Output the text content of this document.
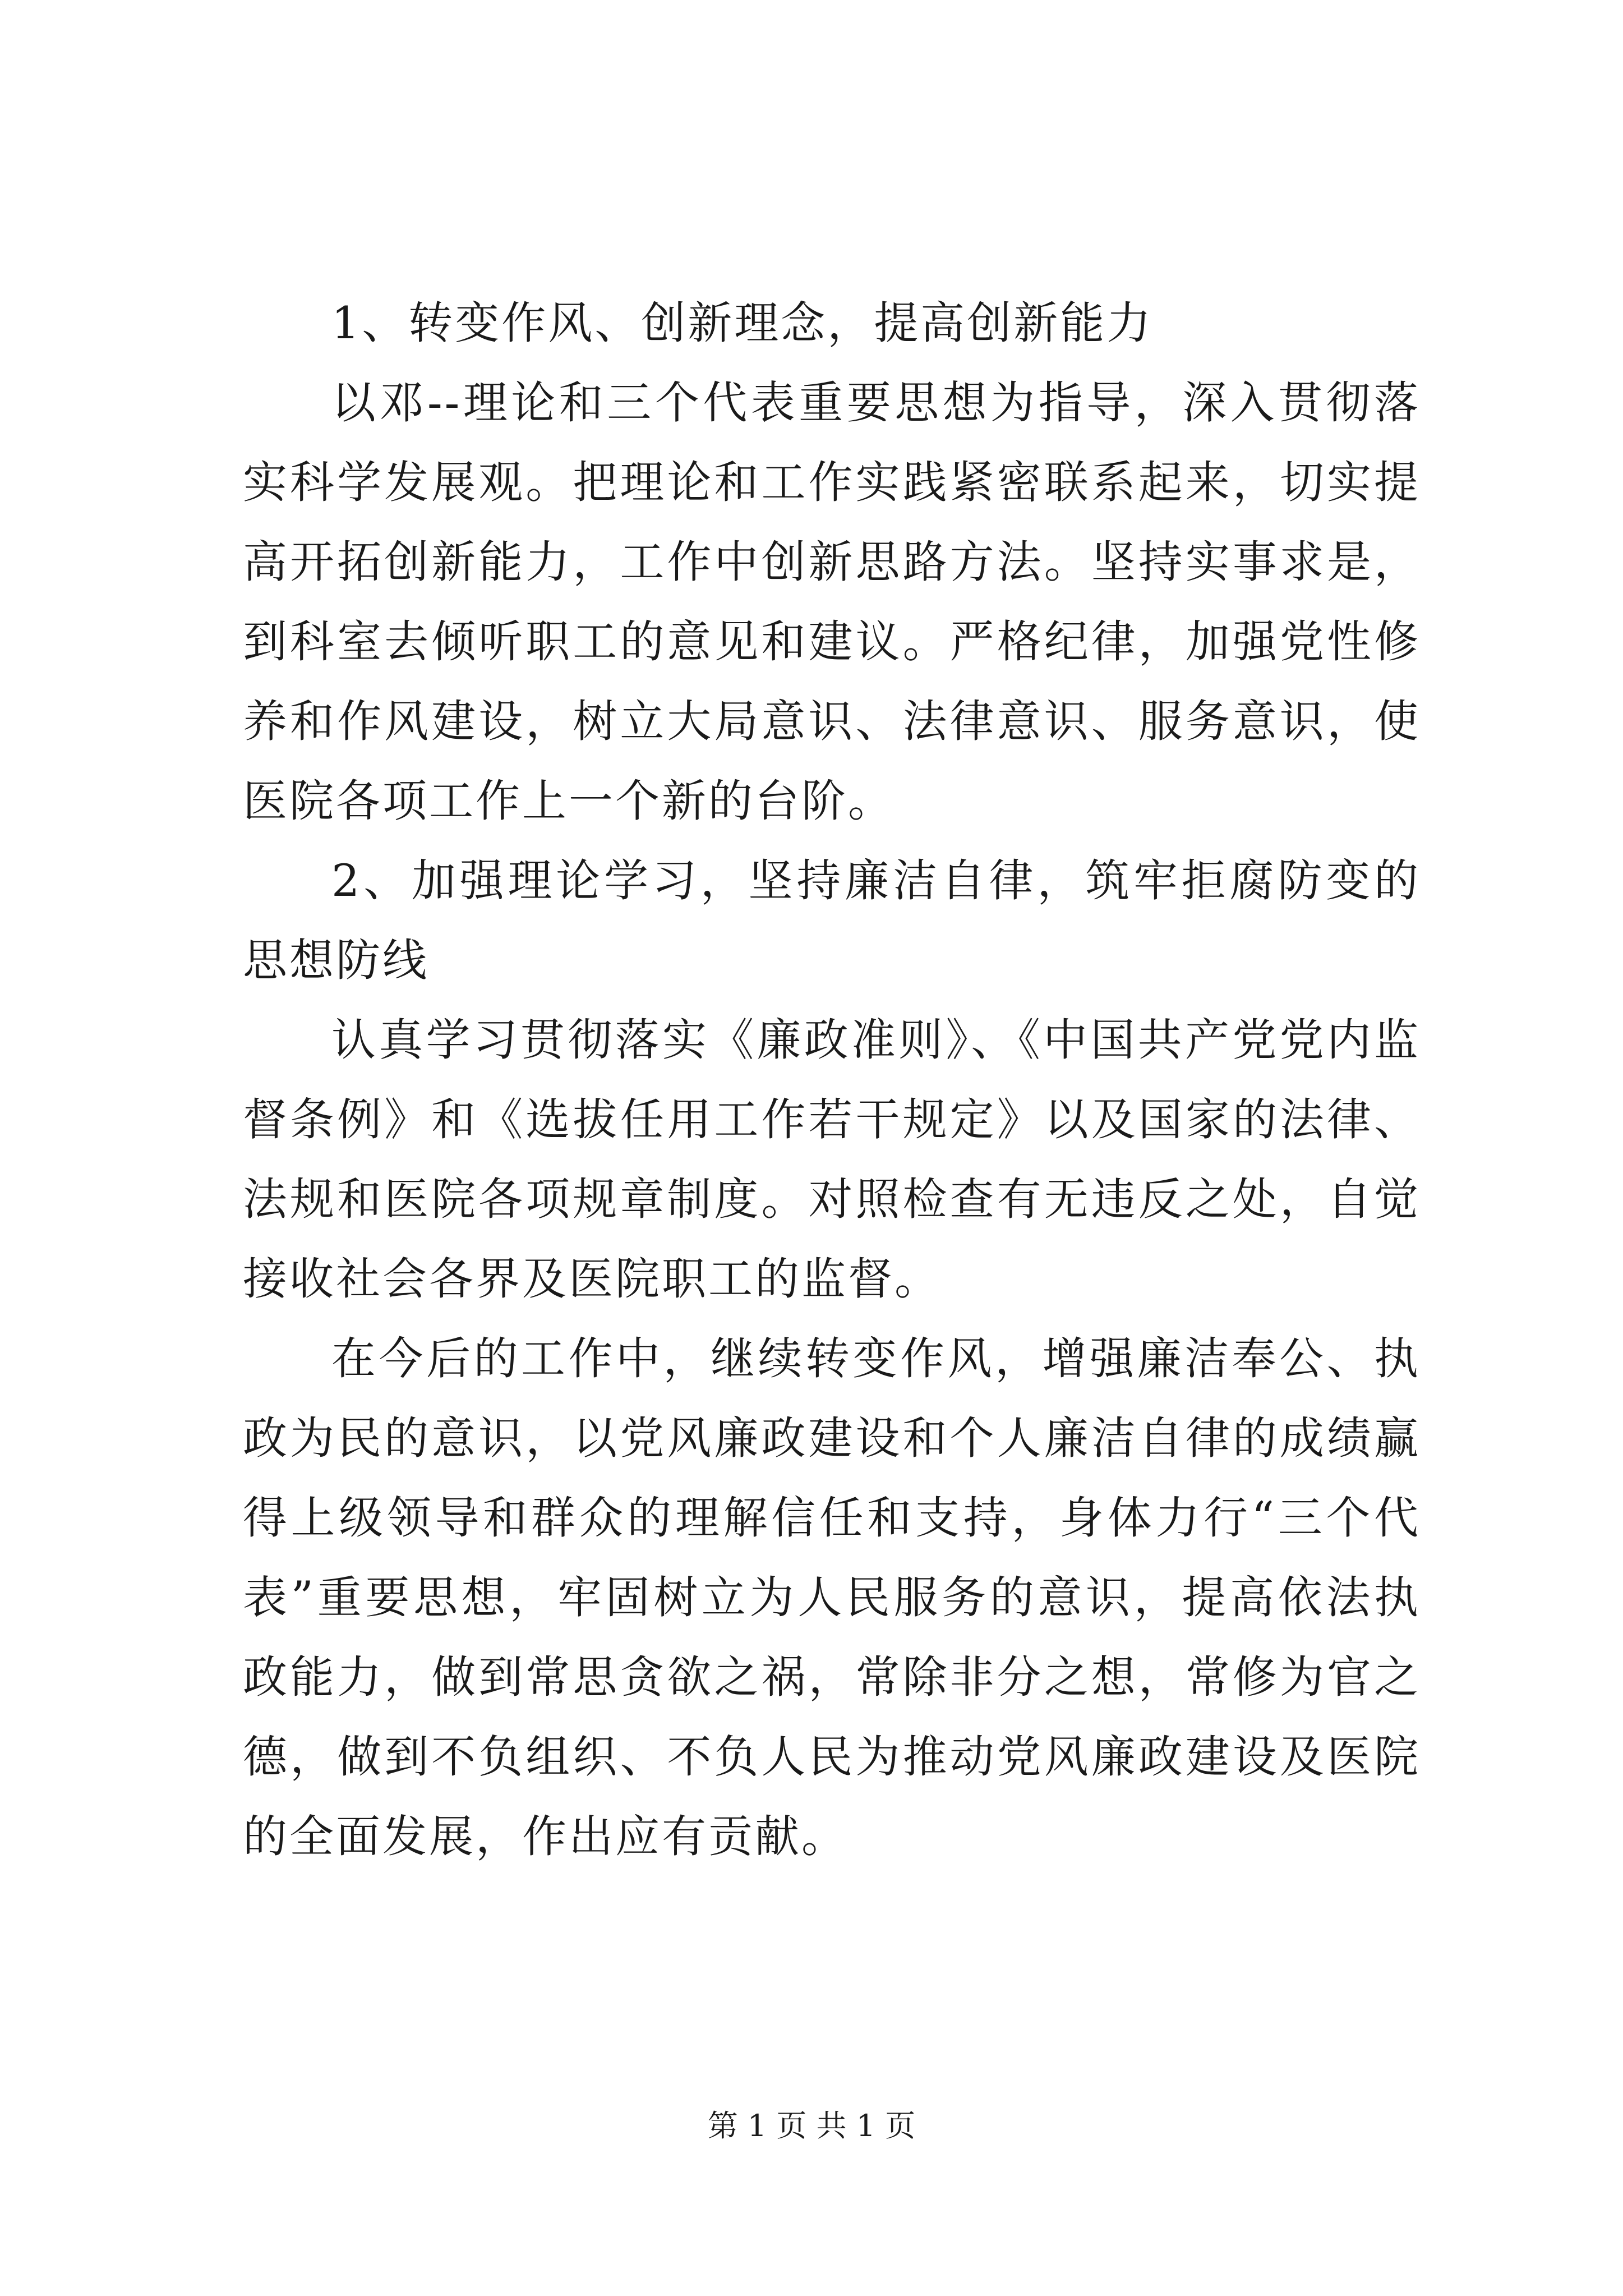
1、转变作风、创新理念，提高创新能力

以邓--理论和三个代表重要思想为指导，深入贯彻落实科学发展观。把理论和工作实践紧密联系起来，切实提高开拓创新能力，工作中创新思路方法。坚持实事求是，到科室去倾听职工的意见和建议。严格纪律，加强党性修养和作风建设，树立大局意识、法律意识、服务意识，使医院各项工作上一个新的台阶。

2、加强理论学习，坚持廉洁自律，筑牢拒腐防变的思想防线

认真学习贯彻落实《廉政准则》、《中国共产党党内监督条例》和《选拔任用工作若干规定》以及国家的法律、法规和医院各项规章制度。对照检查有无违反之处，自觉接收社会各界及医院职工的监督。

在今后的工作中，继续转变作风，增强廉洁奉公、执政为民的意识，以党风廉政建设和个人廉洁自律的成绩赢得上级领导和群众的理解信任和支持，身体力行“三个代表”重要思想，牢固树立为人民服务的意识，提高依法执政能力，做到常思贪欲之祸，常除非分之想，常修为官之德，做到不负组织、不负人民为推动党风廉政建设及医院的全面发展，作出应有贡献。

第 1 页 共 1 页
